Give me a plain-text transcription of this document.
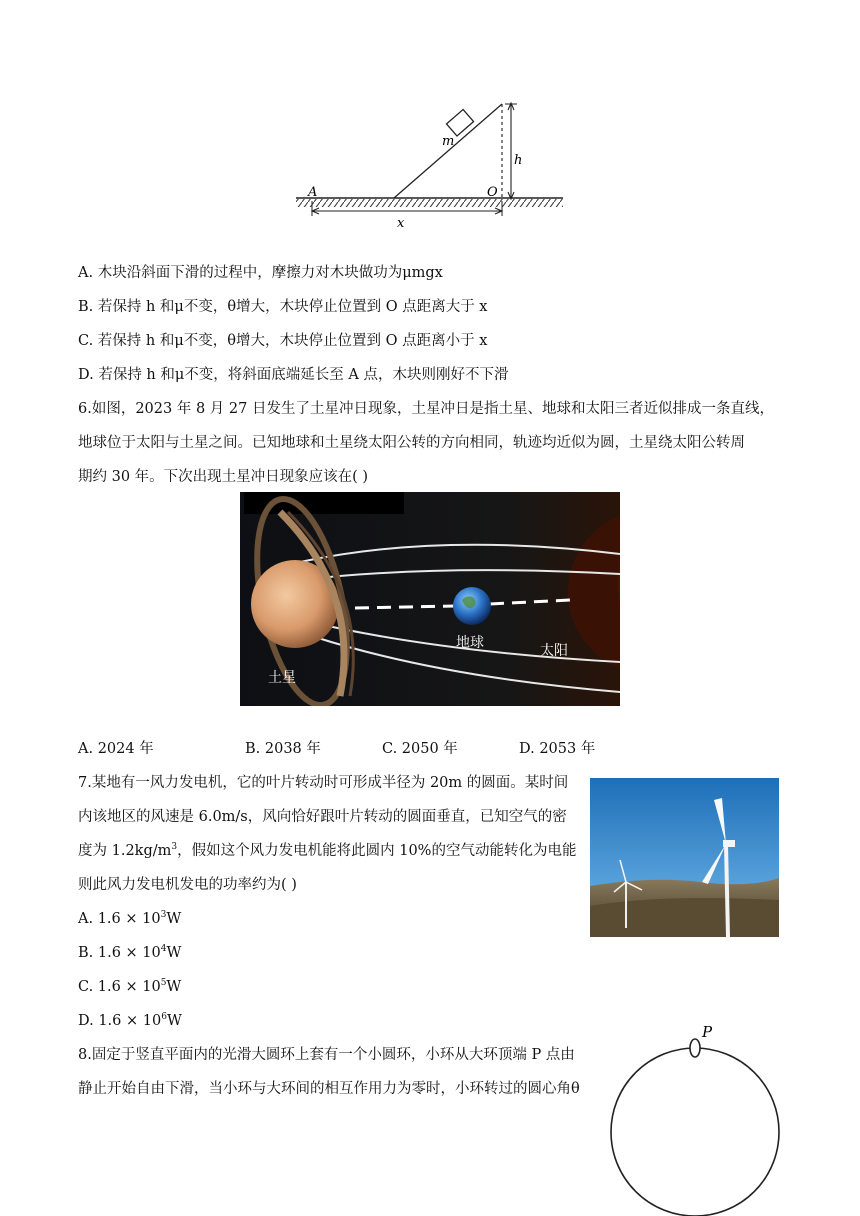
m
h
A	O
x
A. 木块沿斜面下滑的过程中，摩擦力对木块做功为μmgx
B. 若保持 h 和μ不变，θ增大，木块停止位置到 O 点距离大于 x
C. 若保持 h 和μ不变，θ增大，木块停止位置到 O 点距离小于 x
D. 若保持 h 和μ不变，将斜面底端延长至 A 点，木块则刚好不下滑
6.如图，2023 年 8 月 27 日发生了土星冲日现象，土星冲日是指土星、地球和太阳三者近似排成一条直线，
地球位于太阳与土星之间。已知地球和土星绕太阳公转的方向相同，轨迹均近似为圆，土星绕太阳公转周
期约 30 年。下次出现土星冲日现象应该在( )
土星
地球	太阳
A. 2024 年	B. 2038 年	C. 2050 年	D. 2053 年
7.某地有一风力发电机，它的叶片转动时可形成半径为 20m 的圆面。某时间
内该地区的风速是 6.0m/s，风向恰好跟叶片转动的圆面垂直，已知空气的密
度为 $1.2kg/m^3$，假如这个风力发电机能将此圆内 10%的空气动能转化为电能
则此风力发电机发电的功率约为( )
A. $1.6 \times 10^3W$
B. $1.6 \times 10^4W$
C. $1.6 \times 10^5W$
D. $1.6 \times 10^6W$
8.固定于竖直平面内的光滑大圆环上套有一个小圆环，小环从大环顶端 P 点由
静止开始自由下滑，当小环与大环间的相互作用力为零时，小环转过的圆心角θ
P
